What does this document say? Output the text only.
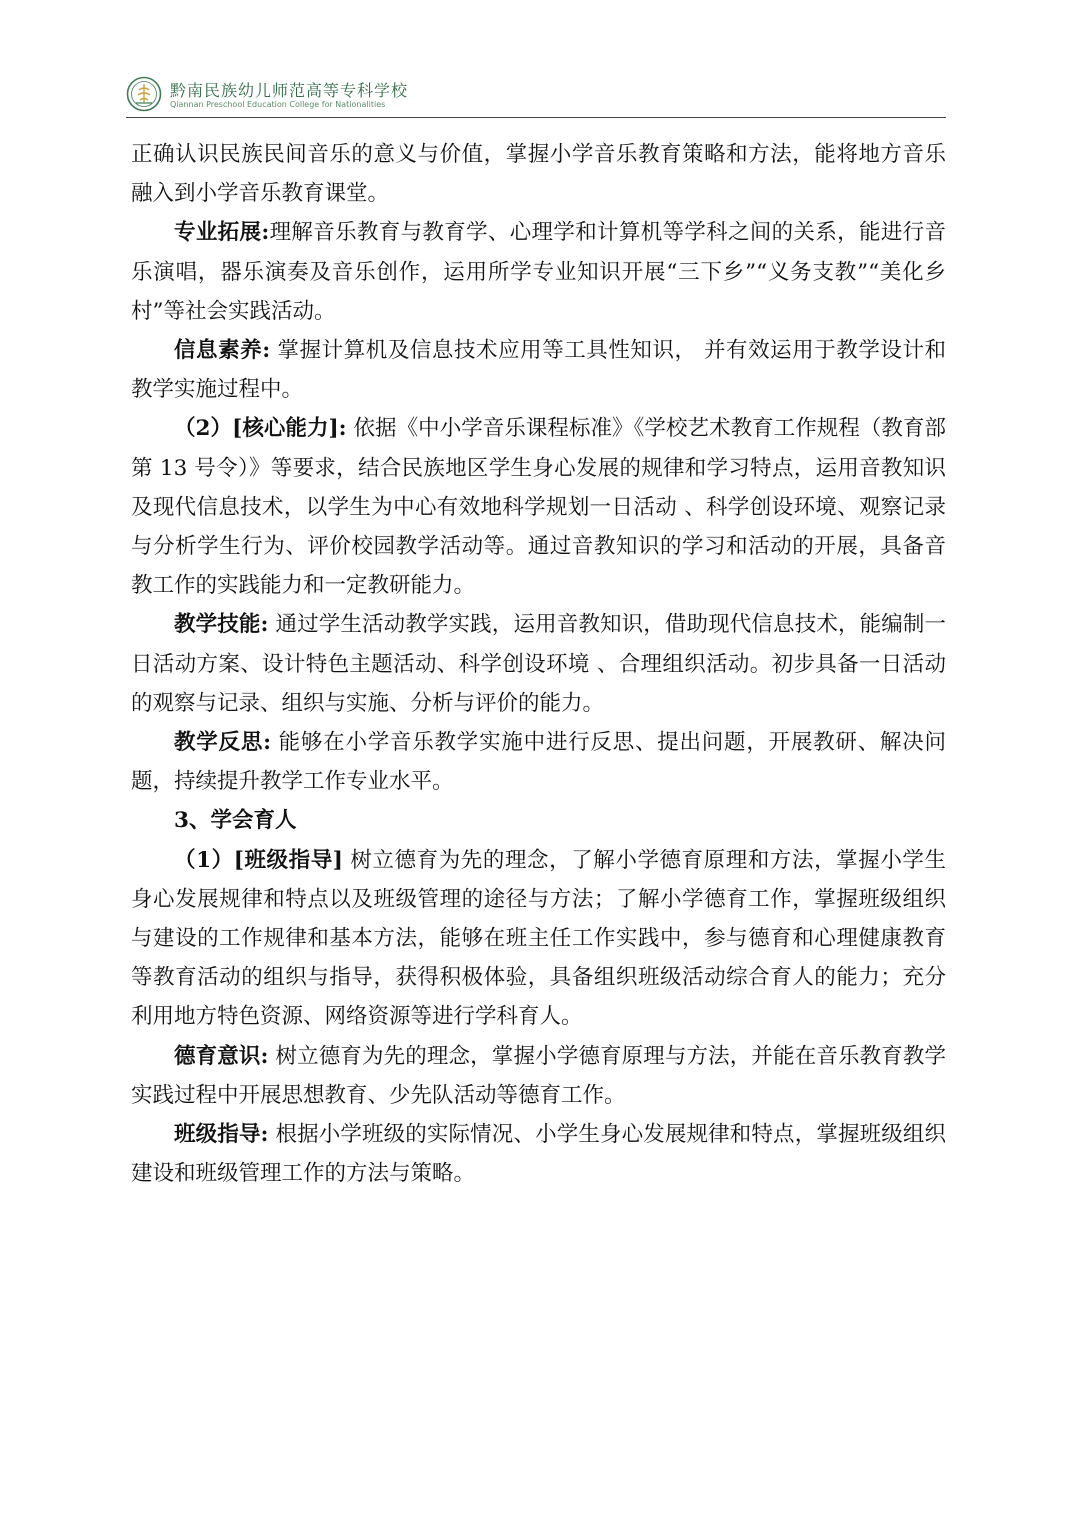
黔南民族幼儿师范高等专科学校
Qiannan Preschool Education College for Nationalities

正确认识民族民间音乐的意义与价值，掌握小学音乐教育策略和方法，能将地方音乐融入到小学音乐教育课堂。

专业拓展:理解音乐教育与教育学、心理学和计算机等学科之间的关系，能进行音乐演唱，器乐演奏及音乐创作，运用所学专业知识开展“三下乡”“义务支教”“美化乡村”等社会实践活动。

信息素养: 掌握计算机及信息技术应用等工具性知识， 并有效运用于教学设计和教学实施过程中。

（2）[核心能力]: 依据《中小学音乐课程标准》《学校艺术教育工作规程（教育部第 13 号令）》等要求，结合民族地区学生身心发展的规律和学习特点，运用音教知识及现代信息技术，以学生为中心有效地科学规划一日活动 、科学创设环境、观察记录与分析学生行为、评价校园教学活动等。通过音教知识的学习和活动的开展，具备音教工作的实践能力和一定教研能力。

教学技能: 通过学生活动教学实践，运用音教知识，借助现代信息技术，能编制一日活动方案、设计特色主题活动、科学创设环境 、合理组织活动。初步具备一日活动的观察与记录、组织与实施、分析与评价的能力。

教学反思: 能够在小学音乐教学实施中进行反思、提出问题，开展教研、解决问题，持续提升教学工作专业水平。

3、学会育人

（1）[班级指导] 树立德育为先的理念，了解小学德育原理和方法，掌握小学生身心发展规律和特点以及班级管理的途径与方法；了解小学德育工作，掌握班级组织与建设的工作规律和基本方法，能够在班主任工作实践中，参与德育和心理健康教育等教育活动的组织与指导，获得积极体验，具备组织班级活动综合育人的能力；充分利用地方特色资源、网络资源等进行学科育人。

德育意识: 树立德育为先的理念，掌握小学德育原理与方法，并能在音乐教育教学实践过程中开展思想教育、少先队活动等德育工作。

班级指导: 根据小学班级的实际情况、小学生身心发展规律和特点，掌握班级组织建设和班级管理工作的方法与策略。
